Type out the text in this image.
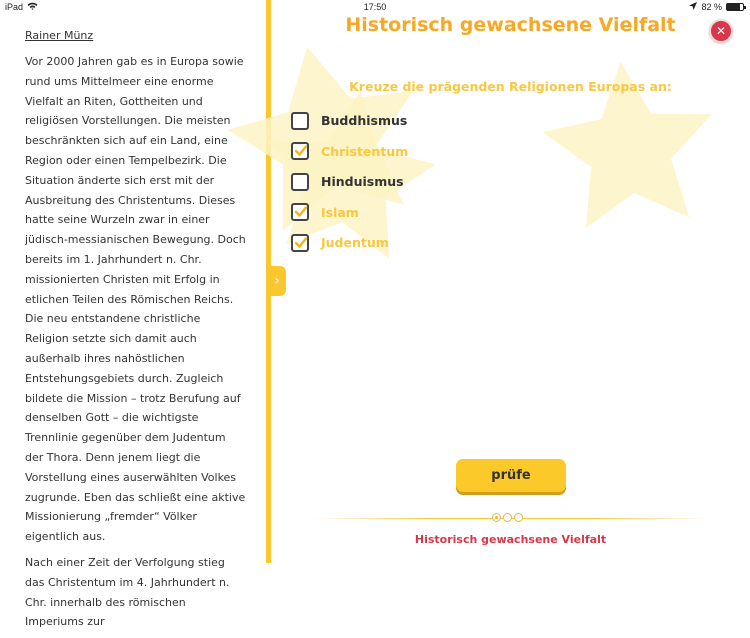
iPad	17:50	82 %
Rainer Münz

Vor 2000 Jahren gab es in Europa sowie rund ums Mittelmeer eine enorme Vielfalt an Riten, Gottheiten und religiösen Vorstellungen. Die meisten beschränkten sich auf ein Land, eine Region oder einen Tempelbezirk. Die Situation änderte sich erst mit der Ausbreitung des Christentums. Dieses hatte seine Wurzeln zwar in einer jüdisch-messianischen Bewegung. Doch bereits im 1. Jahrhundert n. Chr. missionierten Christen mit Erfolg in etlichen Teilen des Römischen Reichs. Die neu entstandene christliche Religion setzte sich damit auch außerhalb ihres nahöstlichen Entstehungsgebiets durch. Zugleich bildete die Mission – trotz Berufung auf denselben Gott – die wichtigste Trennlinie gegenüber dem Judentum der Thora. Denn jenem liegt die Vorstellung eines auserwählten Volkes zugrunde. Eben das schließt eine aktive Missionierung „fremder“ Völker eigentlich aus.

Nach einer Zeit der Verfolgung stieg das Christentum im 4. Jahrhundert n. Chr. innerhalb des römischen Imperiums zur

›
Historisch gewachsene Vielfalt	✕
Kreuze die prägenden Religionen Europas an:
Buddhismus
Christentum
Hinduismus
Islam
Judentum
prüfe
Historisch gewachsene Vielfalt
